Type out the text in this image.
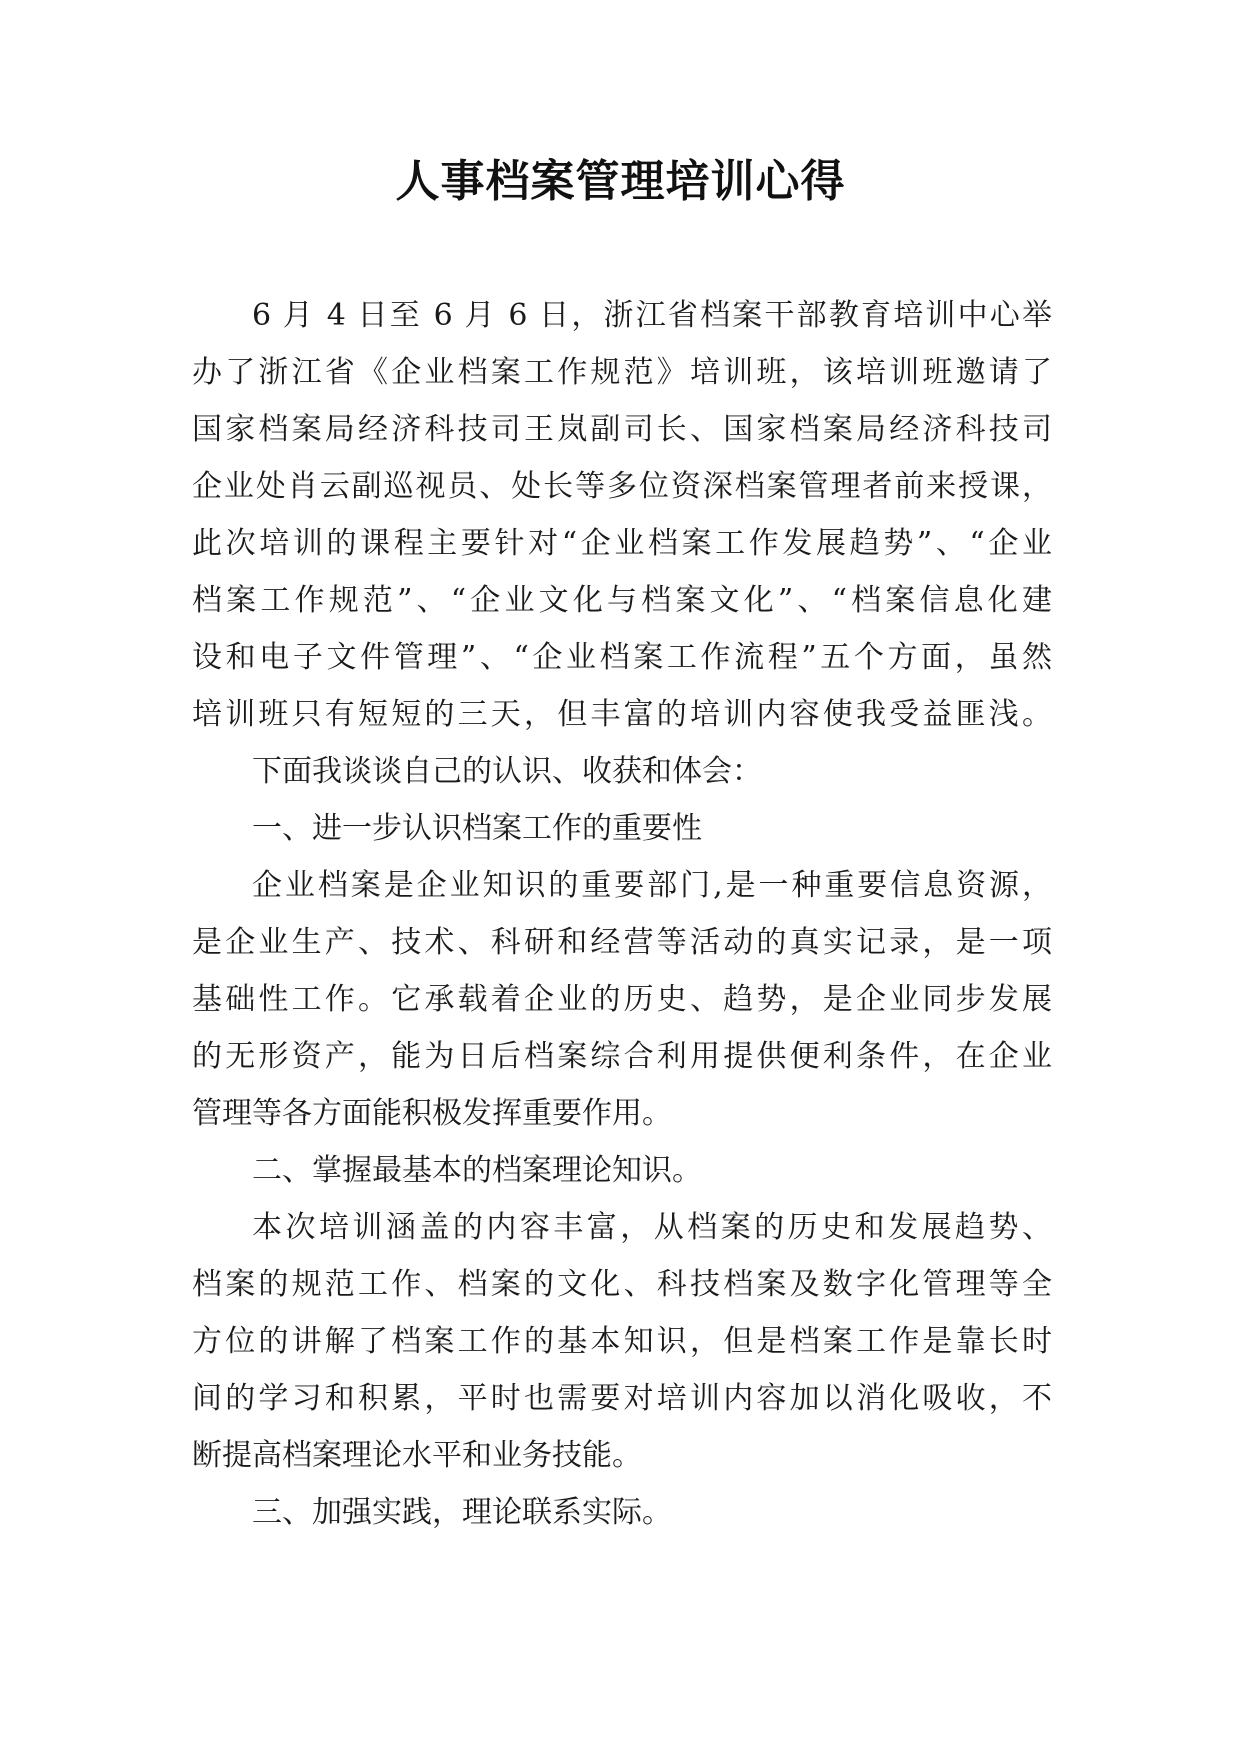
人事档案管理培训心得
6 月 4 日至 6 月 6 日，浙江省档案干部教育培训中心举
办了浙江省《企业档案工作规范》培训班，该培训班邀请了
国家档案局经济科技司王岚副司长、国家档案局经济科技司
企业处肖云副巡视员、处长等多位资深档案管理者前来授课，
此次培训的课程主要针对“企业档案工作发展趋势”、“企业
档案工作规范”、“企业文化与档案文化”、“档案信息化建
设和电子文件管理”、“企业档案工作流程”五个方面，虽然
培训班只有短短的三天，但丰富的培训内容使我受益匪浅。
下面我谈谈自己的认识、收获和体会：
一、进一步认识档案工作的重要性
企业档案是企业知识的重要部门,是一种重要信息资源，
是企业生产、技术、科研和经营等活动的真实记录，是一项
基础性工作。它承载着企业的历史、趋势，是企业同步发展
的无形资产，能为日后档案综合利用提供便利条件，在企业
管理等各方面能积极发挥重要作用。
二、掌握最基本的档案理论知识。
本次培训涵盖的内容丰富，从档案的历史和发展趋势、
档案的规范工作、档案的文化、科技档案及数字化管理等全
方位的讲解了档案工作的基本知识，但是档案工作是靠长时
间的学习和积累，平时也需要对培训内容加以消化吸收，不
断提高档案理论水平和业务技能。
三、加强实践，理论联系实际。
